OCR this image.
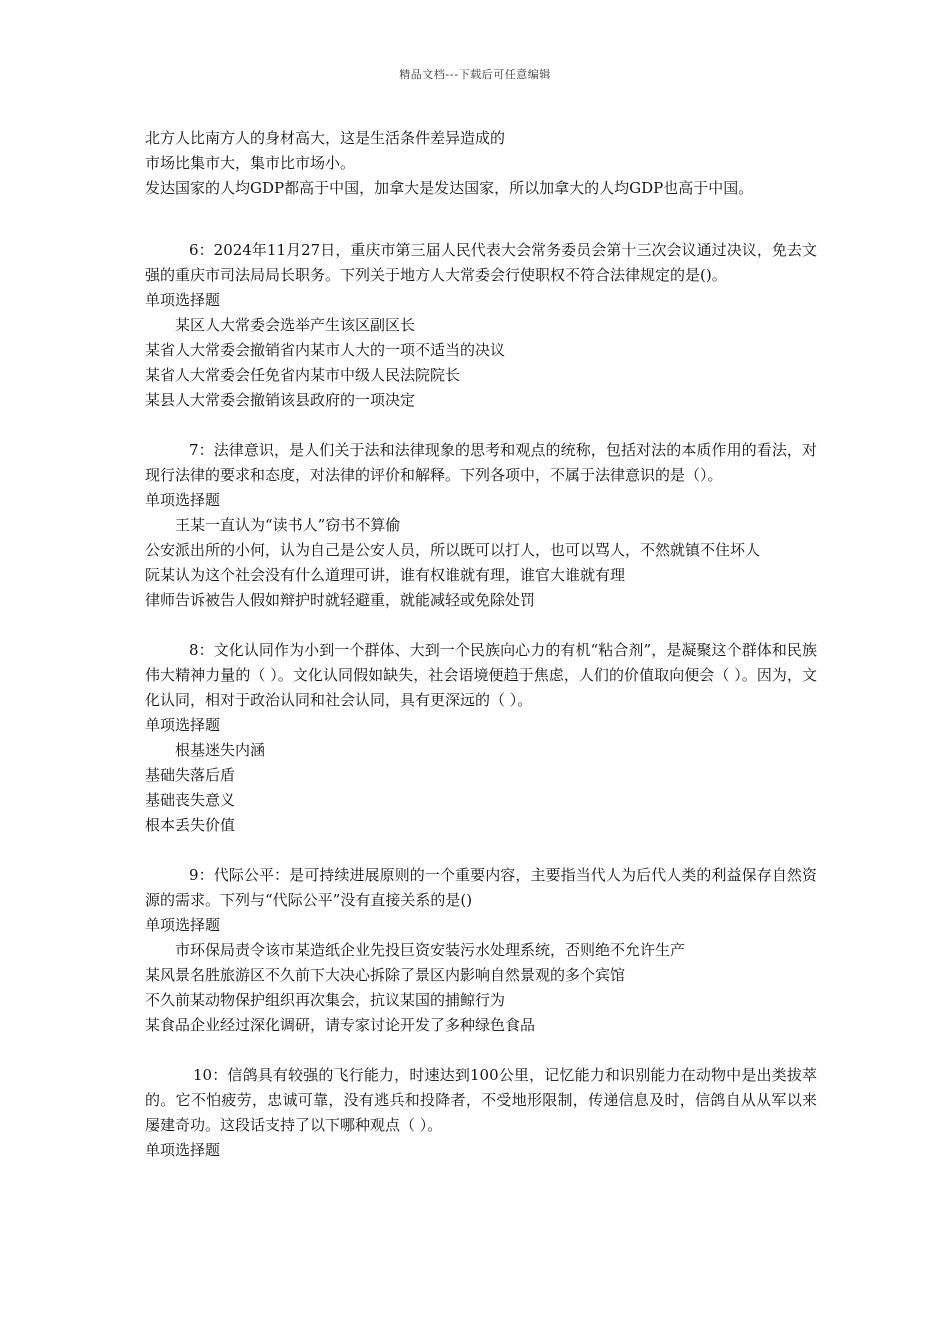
精品文档---下载后可任意编辑
北方人比南方人的身材高大，这是生活条件差异造成的
市场比集市大，集市比市场小。
发达国家的人均GDP都高于中国，加拿大是发达国家，所以加拿大的人均GDP也高于中国。

6：2024年11月27日，重庆市第三届人民代表大会常务委员会第十三次会议通过决议，免去文强的重庆市司法局局长职务。下列关于地方人大常委会行使职权不符合法律规定的是()。

单项选择题
某区人大常委会选举产生该区副区长
某省人大常委会撤销省内某市人大的一项不适当的决议
某省人大常委会任免省内某市中级人民法院院长
某县人大常委会撤销该县政府的一项决定

7：法律意识，是人们关于法和法律现象的思考和观点的统称，包括对法的本质作用的看法，对现行法律的要求和态度，对法律的评价和解释。下列各项中，不属于法律意识的是（）。

单项选择题
王某一直认为“读书人”窃书不算偷
公安派出所的小何，认为自己是公安人员，所以既可以打人，也可以骂人，不然就镇不住坏人
阮某认为这个社会没有什么道理可讲，谁有权谁就有理，谁官大谁就有理
律师告诉被告人假如辩护时就轻避重，就能减轻或免除处罚

8：文化认同作为小到一个群体、大到一个民族向心力的有机“粘合剂”，是凝聚这个群体和民族伟大精神力量的（ ）。文化认同假如缺失，社会语境便趋于焦虑，人们的价值取向便会（ ）。因为，文化认同，相对于政治认同和社会认同，具有更深远的（ ）。

单项选择题
根基迷失内涵
基础失落后盾
基础丧失意义
根本丢失价值

9：代际公平：是可持续进展原则的一个重要内容，主要指当代人为后代人类的利益保存自然资源的需求。下列与“代际公平”没有直接关系的是()

单项选择题
市环保局责令该市某造纸企业先投巨资安装污水处理系统，否则绝不允许生产
某风景名胜旅游区不久前下大决心拆除了景区内影响自然景观的多个宾馆
不久前某动物保护组织再次集会，抗议某国的捕鲸行为
某食品企业经过深化调研，请专家讨论开发了多种绿色食品

10：信鸽具有较强的飞行能力，时速达到100公里，记忆能力和识别能力在动物中是出类拔萃的。它不怕疲劳，忠诚可靠，没有逃兵和投降者，不受地形限制，传递信息及时，信鸽自从从军以来屡建奇功。这段话支持了以下哪种观点（ ）。

单项选择题
